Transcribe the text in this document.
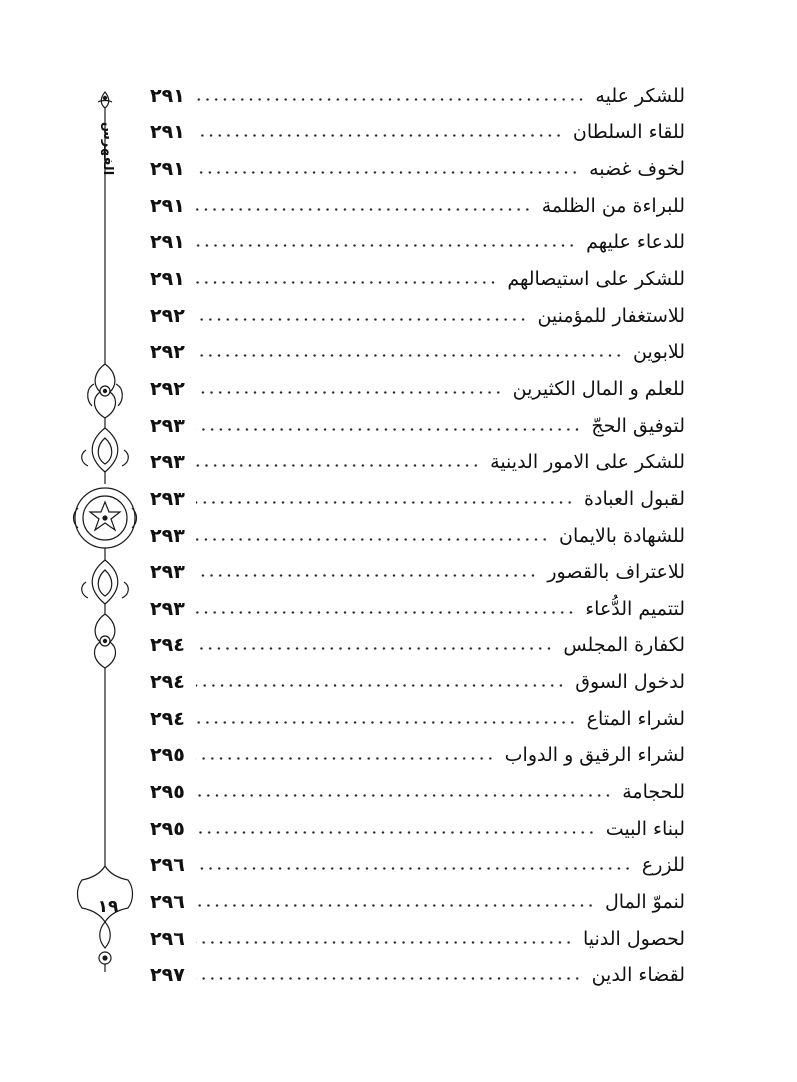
الفهرس
١٩
للشكر عليه
٢٩١
للقاء السلطان
٢٩١
لخوف غضبه
٢٩١
للبراءة من الظلمة
٢٩١
للدعاء عليهم
٢٩١
للشكر على استيصالهم
٢٩١
للاستغفار للمؤمنين
٢٩٢
للابوين
٢٩٢
للعلم و المال الكثيرين
٢٩٢
لتوفيق الحجّ
٢٩٣
للشكر على الامور الدينية
٢٩٣
لقبول العبادة
٢٩٣
للشهادة بالايمان
٢٩٣
للاعتراف بالقصور
٢٩٣
لتتميم الدُّعاء
٢٩٣
لكفارة المجلس
٢٩٤
لدخول السوق
٢٩٤
لشراء المتاع
٢٩٤
لشراء الرقيق و الدواب
٢٩٥
للحجامة
٢٩٥
لبناء البيت
٢٩٥
للزرع
٢٩٦
لنموّ المال
٢٩٦
لحصول الدنيا
٢٩٦
لقضاء الدين
٢٩٧
